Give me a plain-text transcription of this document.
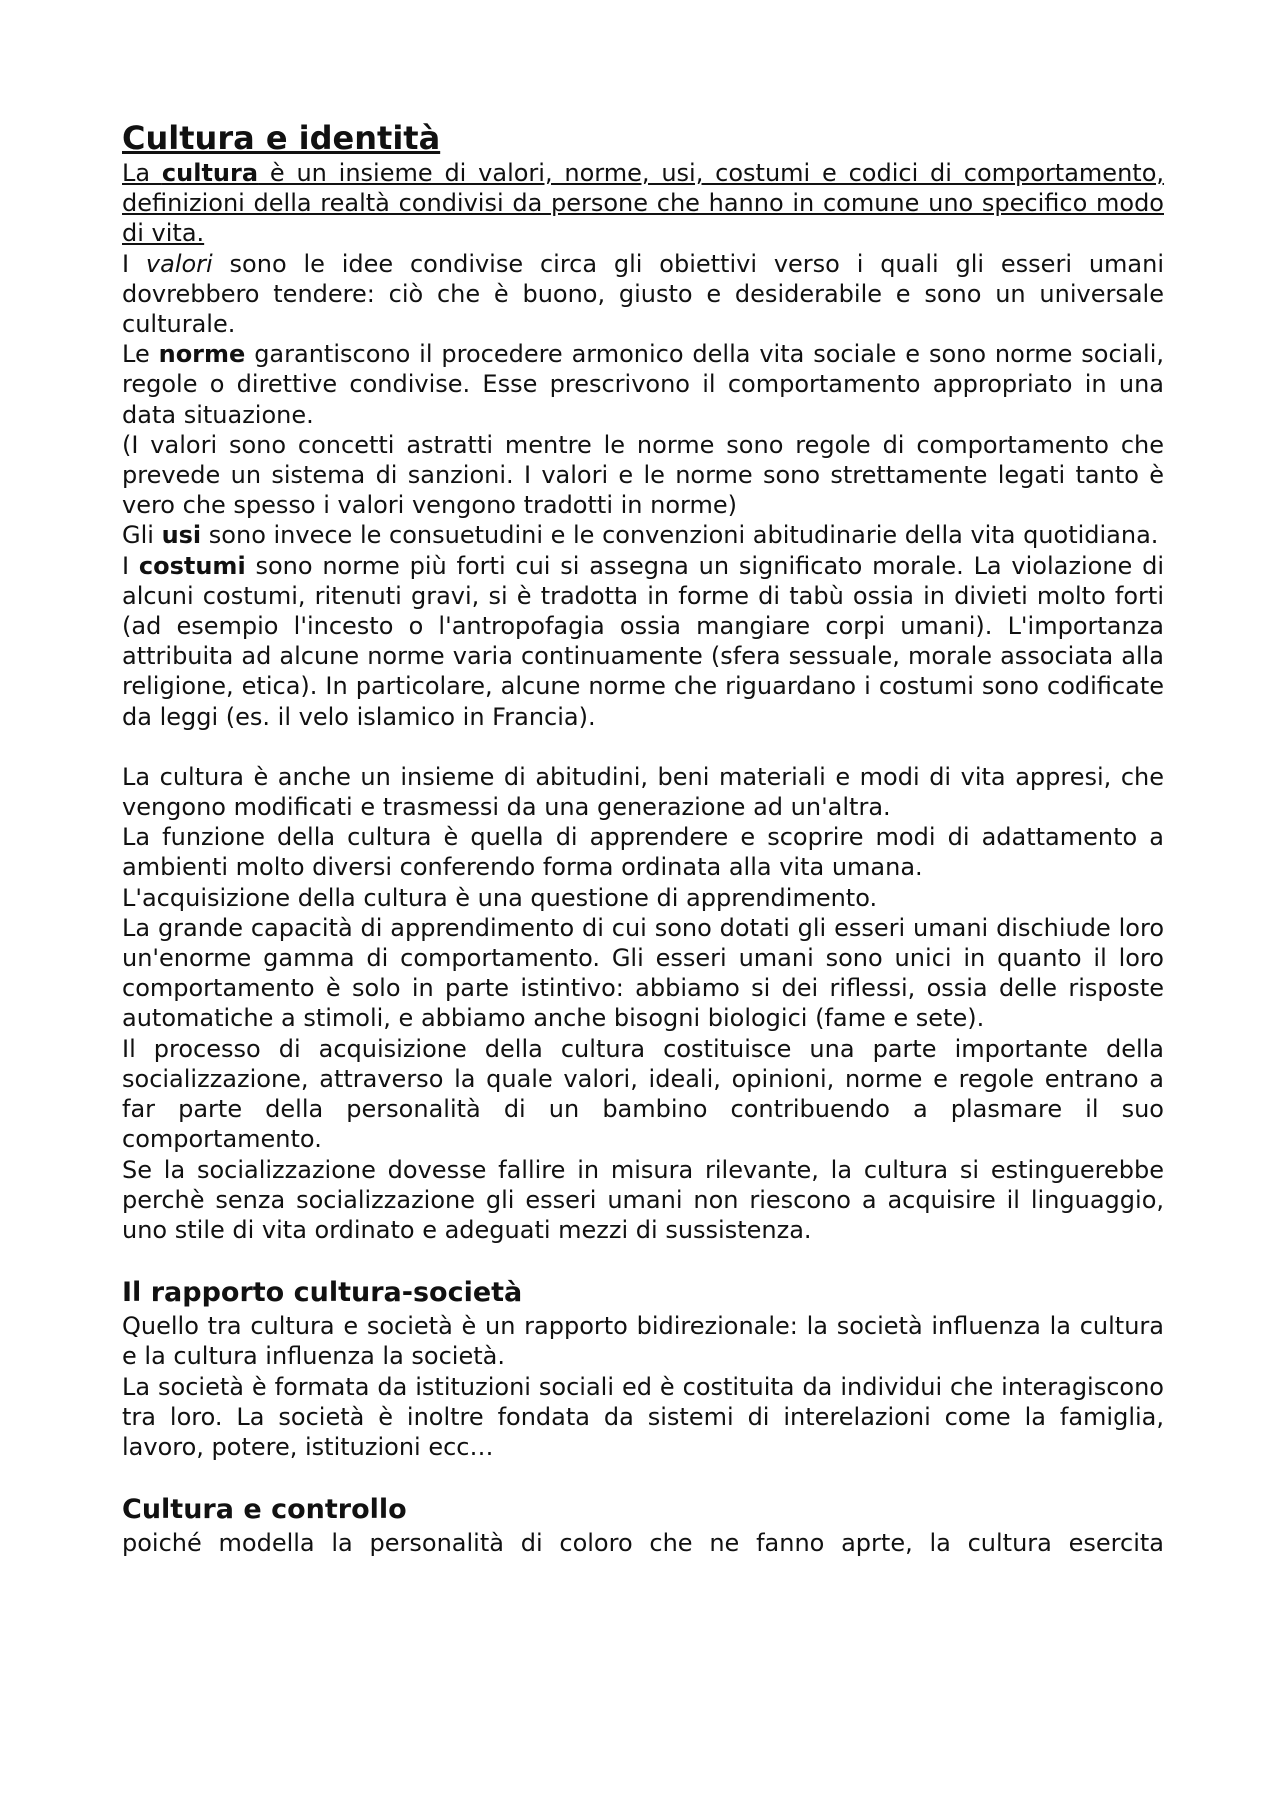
Cultura e identità

La cultura è un insieme di valori, norme, usi, costumi e codici di comportamento, definizioni della realtà condivisi da persone che hanno in comune uno specifico modo di vita.

I valori sono le idee condivise circa gli obiettivi verso i quali gli esseri umani dovrebbero tendere: ciò che è buono, giusto e desiderabile e sono un universale culturale.

Le norme garantiscono il procedere armonico della vita sociale e sono norme sociali, regole o direttive condivise. Esse prescrivono il comportamento appropriato in una data situazione.

(I valori sono concetti astratti mentre le norme sono regole di comportamento che prevede un sistema di sanzioni. I valori e le norme sono strettamente legati tanto è vero che spesso i valori vengono tradotti in norme)

Gli usi sono invece le consuetudini e le convenzioni abitudinarie della vita quotidiana.

I costumi sono norme più forti cui si assegna un significato morale. La violazione di alcuni costumi, ritenuti gravi, si è tradotta in forme di tabù ossia in divieti molto forti (ad esempio l'incesto o l'antropofagia ossia mangiare corpi umani). L'importanza attribuita ad alcune norme varia continuamente (sfera sessuale, morale associata alla religione, etica). In particolare, alcune norme che riguardano i costumi sono codificate da leggi (es. il velo islamico in Francia).

La cultura è anche un insieme di abitudini, beni materiali e modi di vita appresi, che vengono modificati e trasmessi da una generazione ad un'altra.

La funzione della cultura è quella di apprendere e scoprire modi di adattamento a ambienti molto diversi conferendo forma ordinata alla vita umana.

L'acquisizione della cultura è una questione di apprendimento.

La grande capacità di apprendimento di cui sono dotati gli esseri umani dischiude loro un'enorme gamma di comportamento. Gli esseri umani sono unici in quanto il loro comportamento è solo in parte istintivo: abbiamo si dei riflessi, ossia delle risposte automatiche a stimoli, e abbiamo anche bisogni biologici (fame e sete).

Il processo di acquisizione della cultura costituisce una parte importante della socializzazione, attraverso la quale valori, ideali, opinioni, norme e regole entrano a far parte della personalità di un bambino contribuendo a plasmare il suo comportamento.

Se la socializzazione dovesse fallire in misura rilevante, la cultura si estinguerebbe perchè senza socializzazione gli esseri umani non riescono a acquisire il linguaggio, uno stile di vita ordinato e adeguati mezzi di sussistenza.

Il rapporto cultura-società

Quello tra cultura e società è un rapporto bidirezionale: la società influenza la cultura e la cultura influenza la società.

La società è formata da istituzioni sociali ed è costituita da individui che interagiscono tra loro. La società è inoltre fondata da sistemi di interelazioni come la famiglia, lavoro, potere, istituzioni ecc…

Cultura e controllo

poiché modella la personalità di coloro che ne fanno aprte, la cultura esercita
